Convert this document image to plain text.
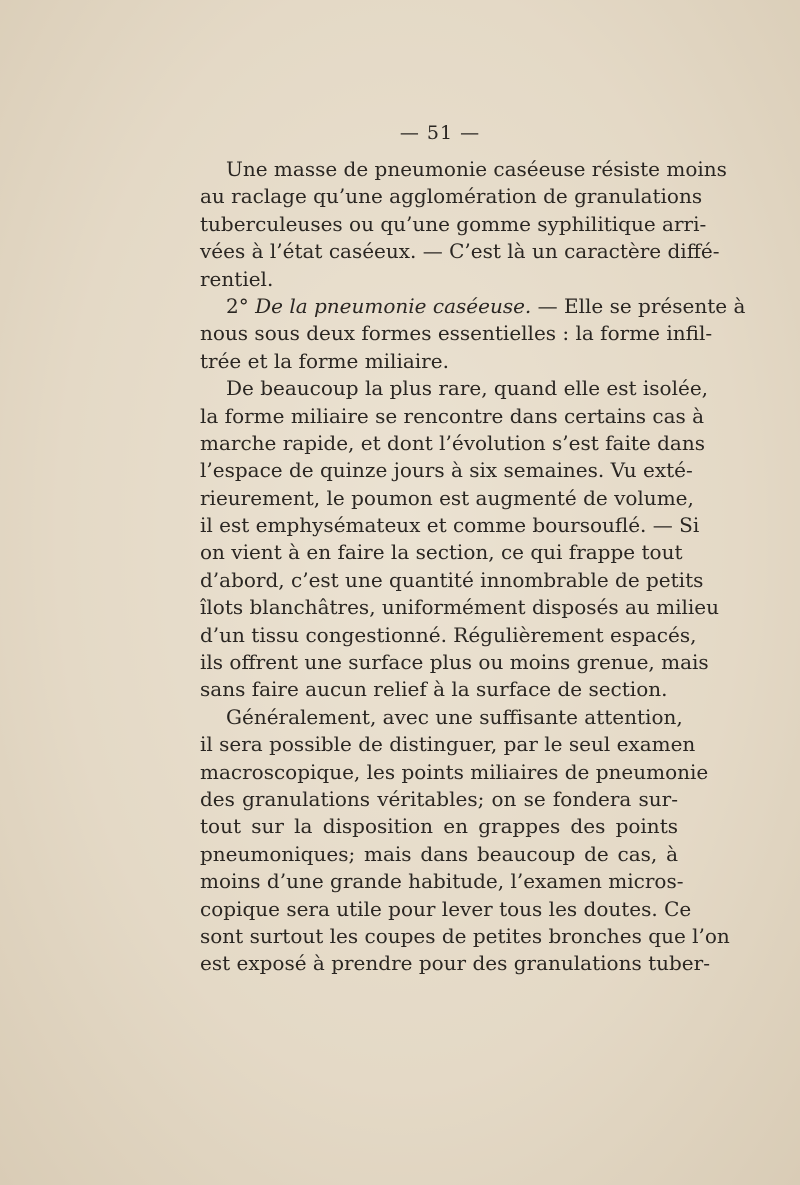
— 51 —
Une masse de pneumonie caséeuse résiste moins
au raclage qu’une agglomération de granulations
tuberculeuses ou qu’une gomme syphilitique arri-
vées à l’état caséeux. — C’est là un caractère diffé-
rentiel.
2° De la pneumonie caséeuse. — Elle se présente à
nous sous deux formes essentielles : la forme infil-
trée et la forme miliaire.
De beaucoup la plus rare, quand elle est isolée,
la forme miliaire se rencontre dans certains cas à
marche rapide, et dont l’évolution s’est faite dans
l’espace de quinze jours à six semaines. Vu exté-
rieurement, le poumon est augmenté de volume,
il est emphysémateux et comme boursouflé. — Si
on vient à en faire la section, ce qui frappe tout
d’abord, c’est une quantité innombrable de petits
îlots blanchâtres, uniformément disposés au milieu
d’un tissu congestionné. Régulièrement espacés,
ils offrent une surface plus ou moins grenue, mais
sans faire aucun relief à la surface de section.
Généralement, avec une suffisante attention,
il sera possible de distinguer, par le seul examen
macroscopique, les points miliaires de pneumonie
des granulations véritables; on se fondera sur-
tout sur la disposition en grappes des points
pneumoniques; mais dans beaucoup de cas, à
moins d’une grande habitude, l’examen micros-
copique sera utile pour lever tous les doutes. Ce
sont surtout les coupes de petites bronches que l’on
est exposé à prendre pour des granulations tuber-
